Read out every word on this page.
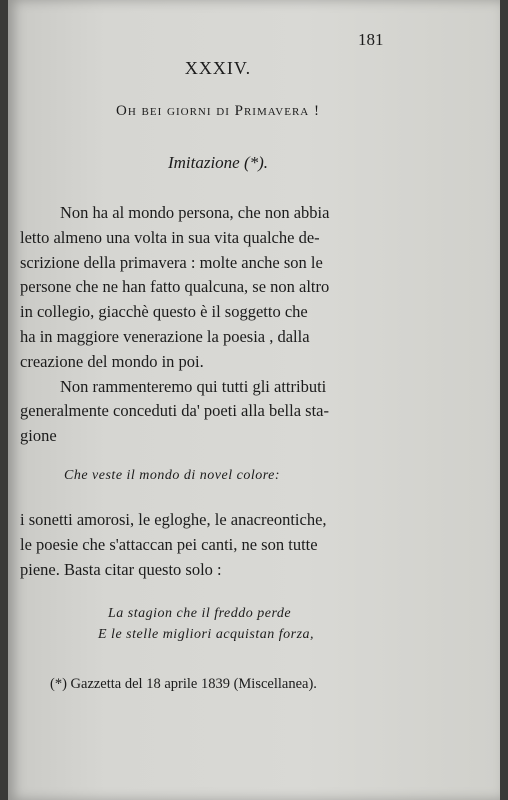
181
XXXIV.
Oh bei giorni di Primavera !
Imitazione (*).
Non ha al mondo persona, che non abbia
letto almeno una volta in sua vita qualche de-
scrizione della primavera : molte anche son le
persone che ne han fatto qualcuna, se non altro
in collegio, giacchè questo è il soggetto che
ha in maggiore venerazione la poesia , dalla
creazione del mondo in poi.
Non rammenteremo qui tutti gli attributi
generalmente conceduti da' poeti alla bella sta-
gione
Che veste il mondo di novel colore:
i sonetti amorosi, le egloghe, le anacreontiche,
le poesie che s'attaccan pei canti, ne son tutte
piene. Basta citar questo solo :
La stagion che il freddo perde
E le stelle migliori acquistan forza,
(*) Gazzetta del 18 aprile 1839 (Miscellanea).
